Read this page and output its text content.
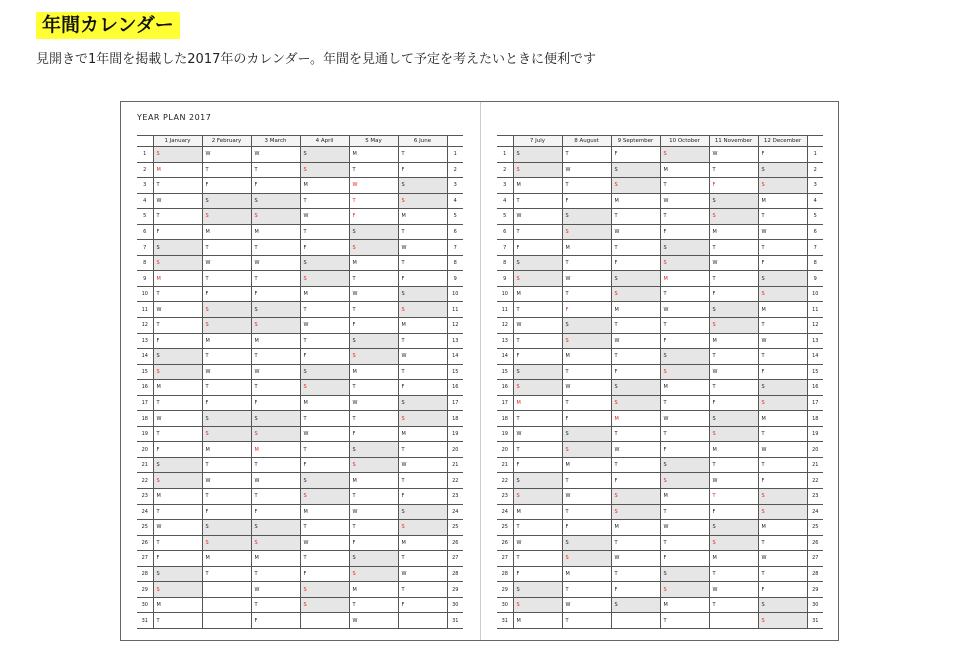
年間カレンダー
見開きで1年間を掲載した2017年のカレンダー。年間を見通して予定を考えたいときに便利です
YEAR PLAN 2017
	1 January	2 February	3 March	4 April	5 May	6 June	
1	S	W	W	S	M	T	1
2	M	T	T	S	T	F	2
3	T	F	F	M	W	S	3
4	W	S	S	T	T	S	4
5	T	S	S	W	F	M	5
6	F	M	M	T	S	T	6
7	S	T	T	F	S	W	7
8	S	W	W	S	M	T	8
9	M	T	T	S	T	F	9
10	T	F	F	M	W	S	10
11	W	S	S	T	T	S	11
12	T	S	S	W	F	M	12
13	F	M	M	T	S	T	13
14	S	T	T	F	S	W	14
15	S	W	W	S	M	T	15
16	M	T	T	S	T	F	16
17	T	F	F	M	W	S	17
18	W	S	S	T	T	S	18
19	T	S	S	W	F	M	19
20	F	M	M	T	S	T	20
21	S	T	T	F	S	W	21
22	S	W	W	S	M	T	22
23	M	T	T	S	T	F	23
24	T	F	F	M	W	S	24
25	W	S	S	T	T	S	25
26	T	S	S	W	F	M	26
27	F	M	M	T	S	T	27
28	S	T	T	F	S	W	28
29	S		W	S	M	T	29
30	M		T	S	T	F	30
31	T		F		W		31
	7 July	8 August	9 September	10 October	11 November	12 December	
1	S	T	F	S	W	F	1
2	S	W	S	M	T	S	2
3	M	T	S	T	F	S	3
4	T	F	M	W	S	M	4
5	W	S	T	T	S	T	5
6	T	S	W	F	M	W	6
7	F	M	T	S	T	T	7
8	S	T	F	S	W	F	8
9	S	W	S	M	T	S	9
10	M	T	S	T	F	S	10
11	T	F	M	W	S	M	11
12	W	S	T	T	S	T	12
13	T	S	W	F	M	W	13
14	F	M	T	S	T	T	14
15	S	T	F	S	W	F	15
16	S	W	S	M	T	S	16
17	M	T	S	T	F	S	17
18	T	F	M	W	S	M	18
19	W	S	T	T	S	T	19
20	T	S	W	F	M	W	20
21	F	M	T	S	T	T	21
22	S	T	F	S	W	F	22
23	S	W	S	M	T	S	23
24	M	T	S	T	F	S	24
25	T	F	M	W	S	M	25
26	W	S	T	T	S	T	26
27	T	S	W	F	M	W	27
28	F	M	T	S	T	T	28
29	S	T	F	S	W	F	29
30	S	W	S	M	T	S	30
31	M	T		T		S	31
